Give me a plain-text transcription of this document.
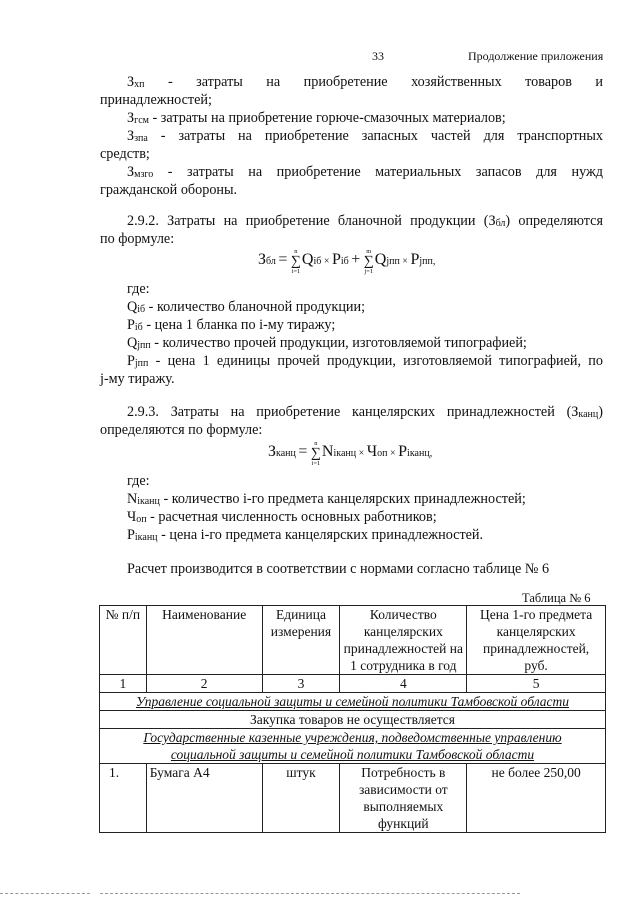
33	Продолжение приложения
Зхп - затраты на приобретение хозяйственных товаров и
принадлежностей;
Згсм - затраты на приобретение горюче-смазочных материалов;
Ззпа - затраты на приобретение запасных частей для транспортных
средств;
Змзго - затраты на приобретение материальных запасов для нужд
гражданской обороны.
2.9.2. Затраты на приобретение бланочной продукции (Збл) определяются
по формуле:
Збл = n
∑
i=1Qiб × Piб + m
∑
j=1Qjпп × Pjпп,
где:
Qiб - количество бланочной продукции;
Piб - цена 1 бланка по i-му тиражу;
Qjпп - количество прочей продукции, изготовляемой типографией;
Pjпп - цена 1 единицы прочей продукции, изготовляемой типографией, по
j-му тиражу.
2.9.3. Затраты на приобретение канцелярских принадлежностей (Зканц)
определяются по формуле:
Зканц = n
∑
i=1Niканц × Чоп × Piканц,
где:
Niканц - количество i-го предмета канцелярских принадлежностей;
Чоп - расчетная численность основных работников;
Piканц - цена i-го предмета канцелярских принадлежностей.
Расчет производится в соответствии с нормами согласно таблице № 6
Таблица № 6
№ п/п	Наименование	Единица измерения	Количество канцелярских принадлежностей на 1 сотрудника в год	Цена 1-го предмета канцелярских принадлежностей, руб.
1	2	3	4	5
Управление социальной защиты и семейной политики Тамбовской области				
Закупка товаров не осуществляется				
Государственные казенные учреждения, подведомственные управлению
социальной защиты и семейной политики Тамбовской области				
1.	Бумага А4	штук	Потребность в зависимости от выполняемых функций	не более 250,00
